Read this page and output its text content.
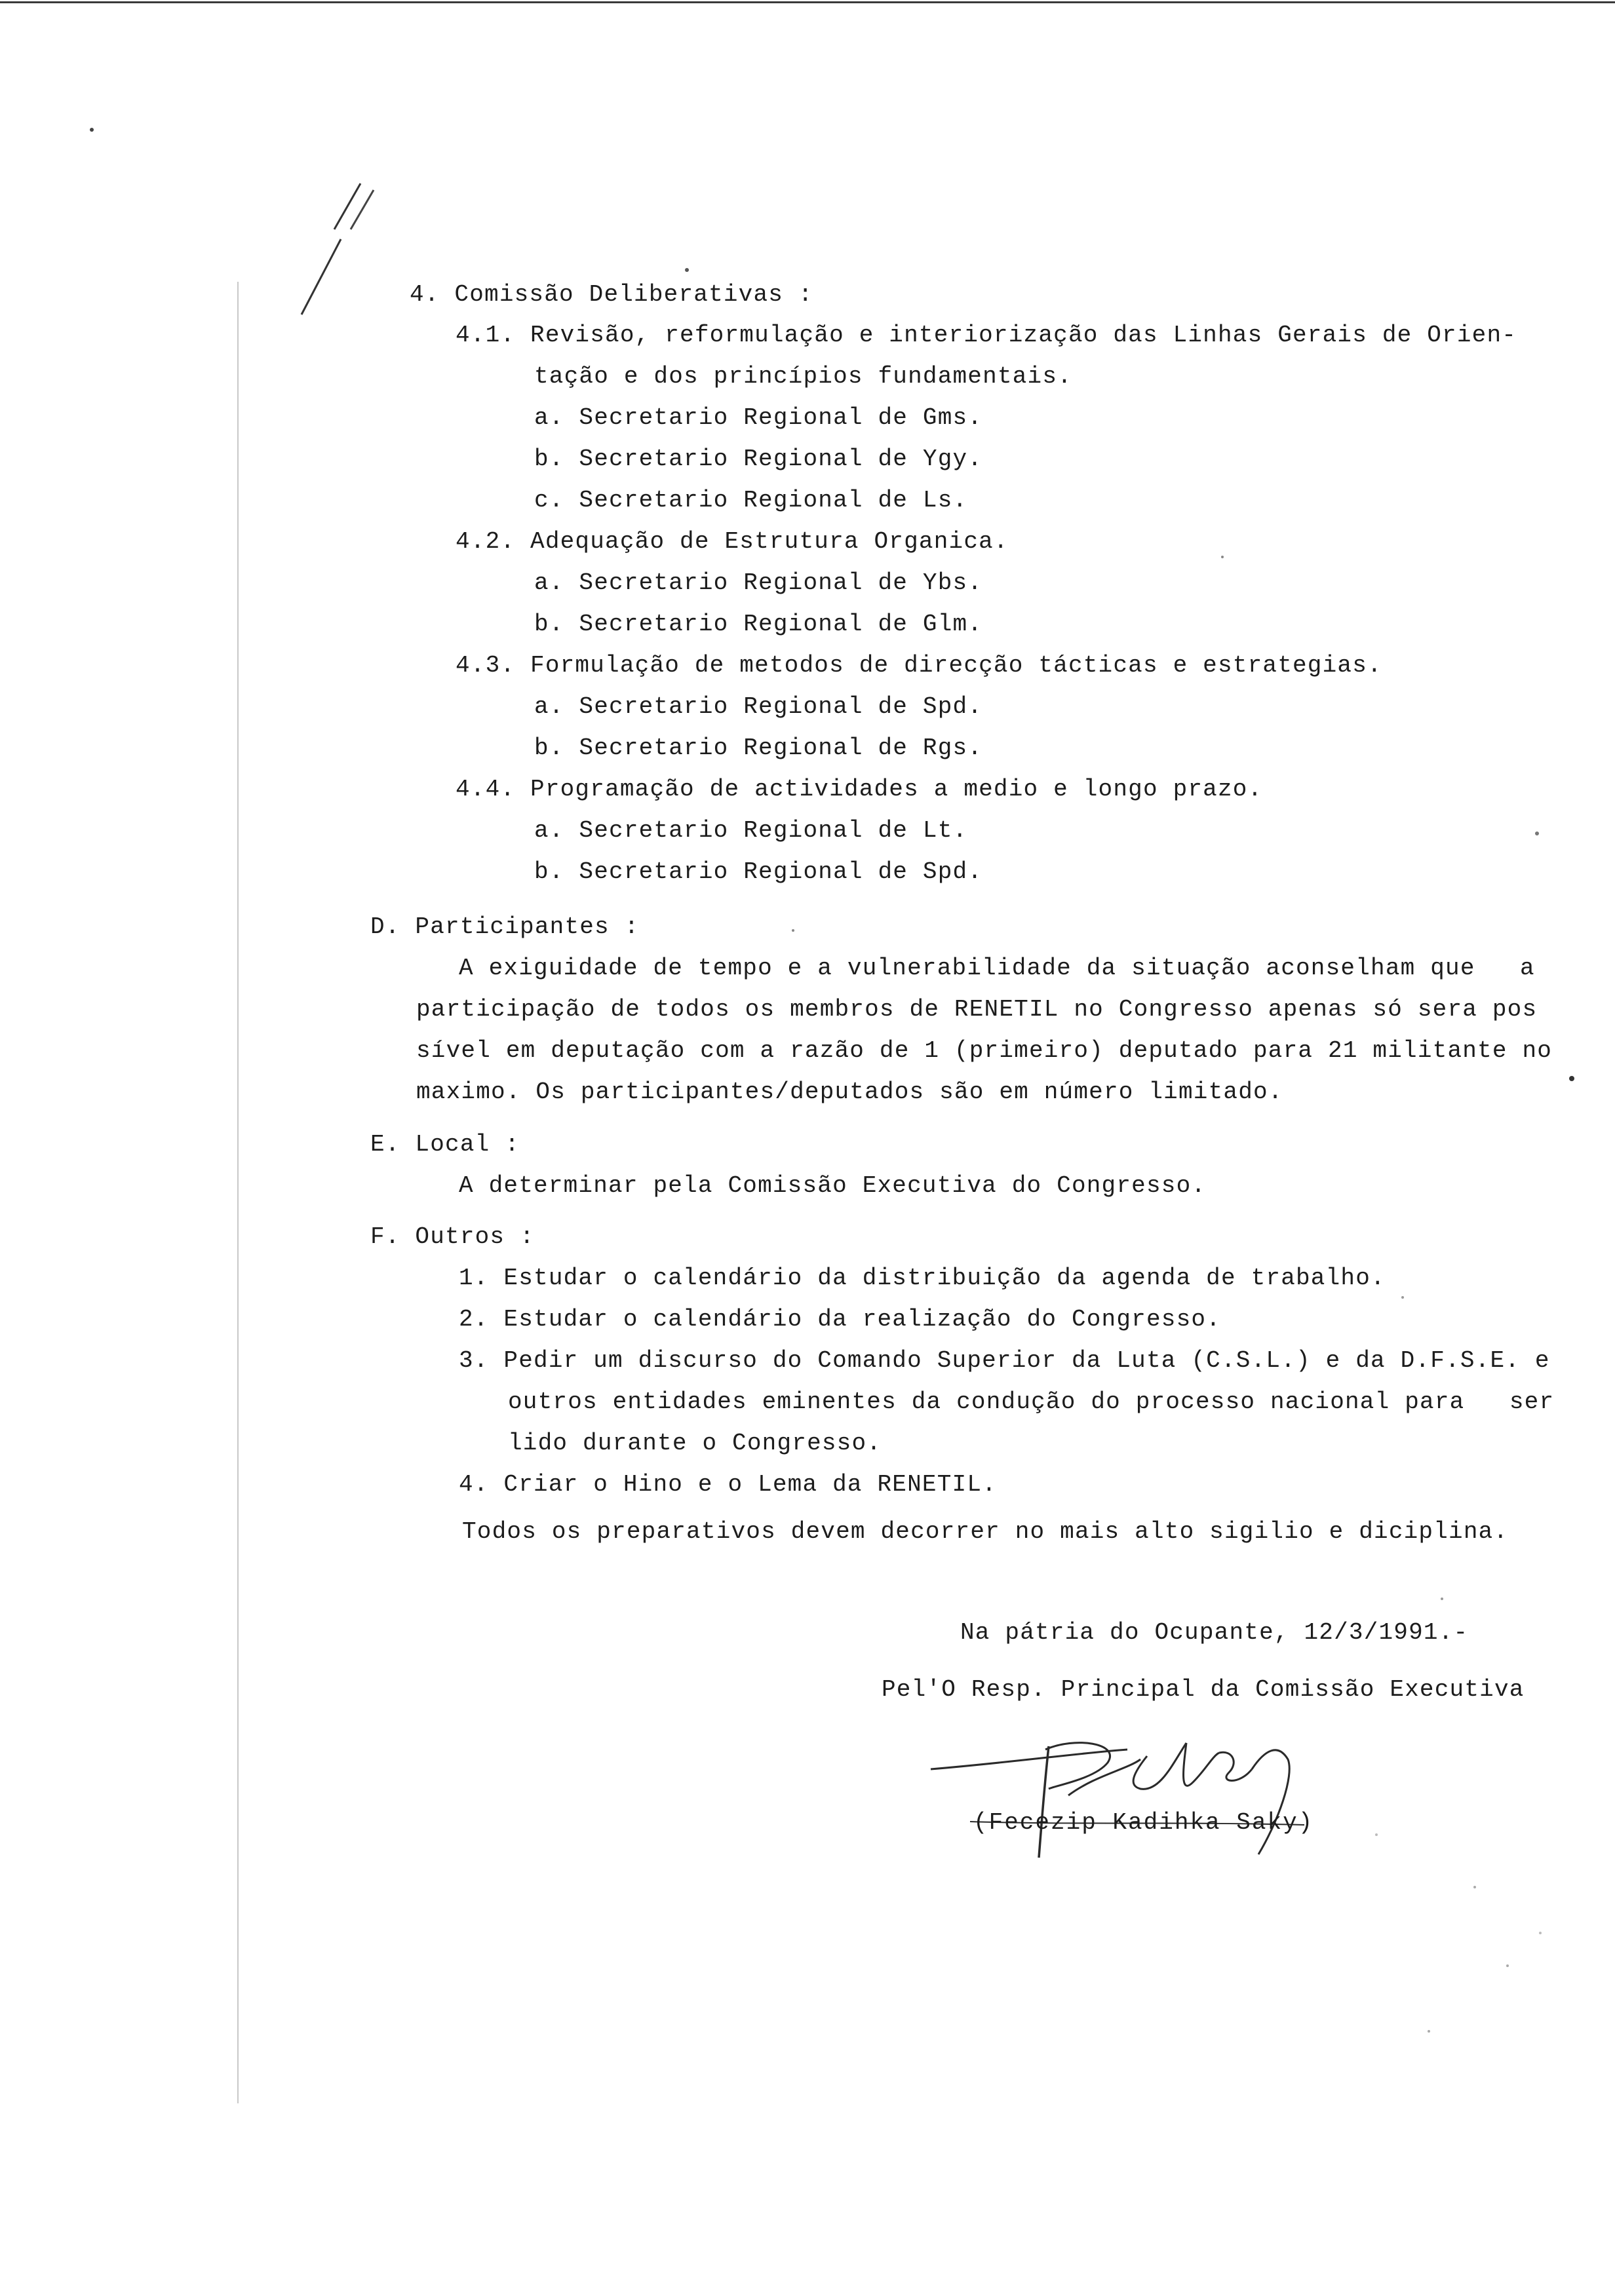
4. Comissão Deliberativas :
4.1. Revisão, reformulação e interiorização das Linhas Gerais de Orien-
tação e dos princípios fundamentais.
a. Secretario Regional de Gms.
b. Secretario Regional de Ygy.
c. Secretario Regional de Ls.
4.2. Adequação de Estrutura Organica.
a. Secretario Regional de Ybs.
b. Secretario Regional de Glm.
4.3. Formulação de metodos de direcção tácticas e estrategias.
a. Secretario Regional de Spd.
b. Secretario Regional de Rgs.
4.4. Programação de actividades a medio e longo prazo.
a. Secretario Regional de Lt.
b. Secretario Regional de Spd.
D. Participantes :
A exiguidade de tempo e a vulnerabilidade da situação aconselham que   a
participação de todos os membros de RENETIL no Congresso apenas só sera pos
sível em deputação com a razão de 1 (primeiro) deputado para 21 militante no
maximo. Os participantes/deputados são em número limitado.
E. Local :
A determinar pela Comissão Executiva do Congresso.
F. Outros :
1. Estudar o calendário da distribuição da agenda de trabalho.
2. Estudar o calendário da realização do Congresso.
3. Pedir um discurso do Comando Superior da Luta (C.S.L.) e da D.F.S.E. e
outros entidades eminentes da condução do processo nacional para   ser
lido durante o Congresso.
4. Criar o Hino e o Lema da RENETIL.
Todos os preparativos devem decorrer no mais alto sigilio e diciplina.
Na pátria do Ocupante, 12/3/1991.-
Pel'O Resp. Principal da Comissão Executiva
(Fecezip Kadihka Saky)
